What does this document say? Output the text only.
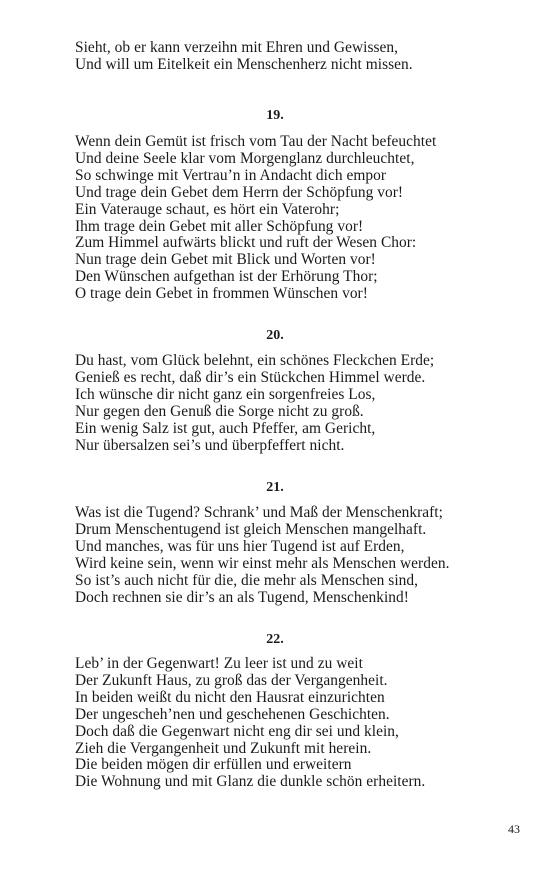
Sieht, ob er kann verzeihn mit Ehren und Gewissen,
Und will um Eitelkeit ein Menschenherz nicht missen.
19.
Wenn dein Gemüt ist frisch vom Tau der Nacht befeuchtet
Und deine Seele klar vom Morgenglanz durchleuchtet,
So schwinge mit Vertrau’n in Andacht dich empor
Und trage dein Gebet dem Herrn der Schöpfung vor!
Ein Vaterauge schaut, es hört ein Vaterohr;
Ihm trage dein Gebet mit aller Schöpfung vor!
Zum Himmel aufwärts blickt und ruft der Wesen Chor:
Nun trage dein Gebet mit Blick und Worten vor!
Den Wünschen aufgethan ist der Erhörung Thor;
O trage dein Gebet in frommen Wünschen vor!
20.
Du hast, vom Glück belehnt, ein schönes Fleckchen Erde;
Genieß es recht, daß dir’s ein Stückchen Himmel werde.
Ich wünsche dir nicht ganz ein sorgenfreies Los,
Nur gegen den Genuß die Sorge nicht zu groß.
Ein wenig Salz ist gut, auch Pfeffer, am Gericht,
Nur übersalzen sei’s und überpfeffert nicht.
21.
Was ist die Tugend? Schrank’ und Maß der Menschenkraft;
Drum Menschentugend ist gleich Menschen mangelhaft.
Und manches, was für uns hier Tugend ist auf Erden,
Wird keine sein, wenn wir einst mehr als Menschen werden.
So ist’s auch nicht für die, die mehr als Menschen sind,
Doch rechnen sie dir’s an als Tugend, Menschenkind!
22.
Leb’ in der Gegenwart! Zu leer ist und zu weit
Der Zukunft Haus, zu groß das der Vergangenheit.
In beiden weißt du nicht den Hausrat einzurichten
Der ungescheh’nen und geschehenen Geschichten.
Doch daß die Gegenwart nicht eng dir sei und klein,
Zieh die Vergangenheit und Zukunft mit herein.
Die beiden mögen dir erfüllen und erweitern
Die Wohnung und mit Glanz die dunkle schön erheitern.
43
